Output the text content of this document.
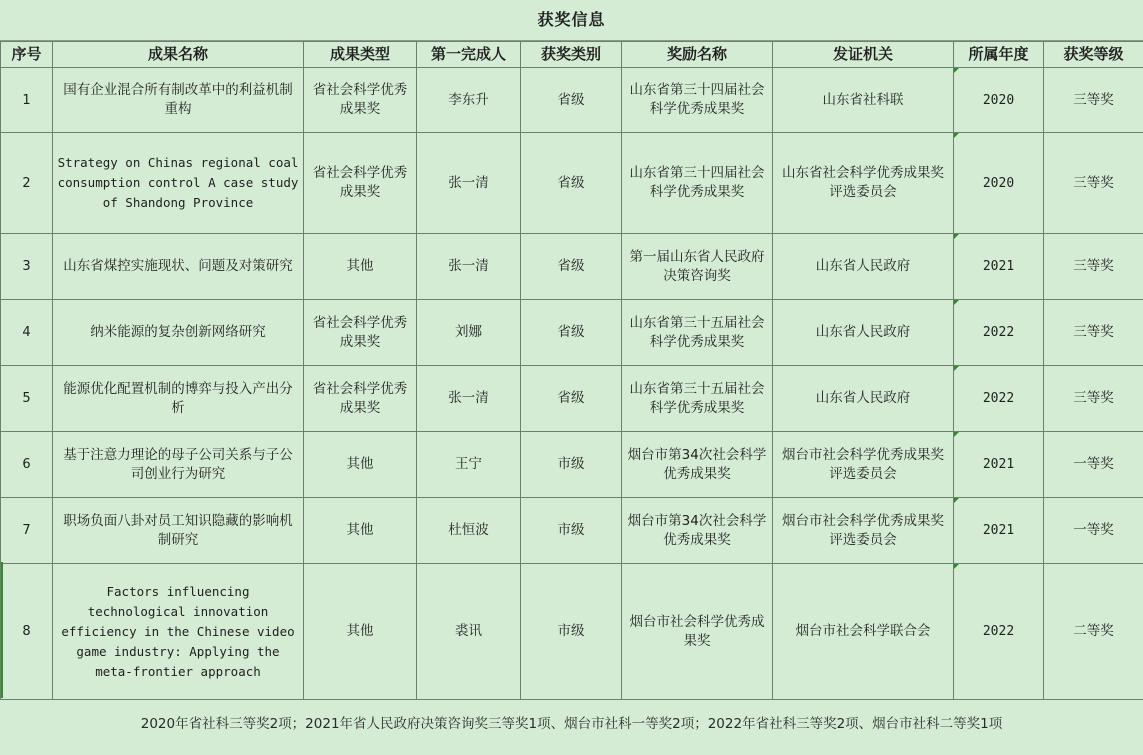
获奖信息
序号	成果名称	成果类型	第一完成人	获奖类别	奖励名称	发证机关	所属年度	获奖等级
1	国有企业混合所有制改革中的利益机制重构	省社会科学优秀成果奖	李东升	省级	山东省第三十四届社会科学优秀成果奖	山东省社科联	2020	三等奖
2	Strategy on Chinas regional coal consumption control A case study of Shandong Province	省社会科学优秀成果奖	张一清	省级	山东省第三十四届社会科学优秀成果奖	山东省社会科学优秀成果奖评选委员会	2020	三等奖
3	山东省煤控实施现状、问题及对策研究	其他	张一清	省级	第一届山东省人民政府决策咨询奖	山东省人民政府	2021	三等奖
4	纳米能源的复杂创新网络研究	省社会科学优秀成果奖	刘娜	省级	山东省第三十五届社会科学优秀成果奖	山东省人民政府	2022	三等奖
5	能源优化配置机制的博弈与投入产出分析	省社会科学优秀成果奖	张一清	省级	山东省第三十五届社会科学优秀成果奖	山东省人民政府	2022	三等奖
6	基于注意力理论的母子公司关系与子公司创业行为研究	其他	王宁	市级	烟台市第34次社会科学优秀成果奖	烟台市社会科学优秀成果奖评选委员会	2021	一等奖
7	职场负面八卦对员工知识隐藏的影响机制研究	其他	杜恒波	市级	烟台市第34次社会科学优秀成果奖	烟台市社会科学优秀成果奖评选委员会	2021	一等奖
8	Factors influencing technological innovation efficiency in the Chinese video game industry: Applying the meta-frontier approach	其他	裘讯	市级	烟台市社会科学优秀成果奖	烟台市社会科学联合会	2022	二等奖
2020年省社科三等奖2项；2021年省人民政府决策咨询奖三等奖1项、烟台市社科一等奖2项；2022年省社科三等奖2项、烟台市社科二等奖1项
